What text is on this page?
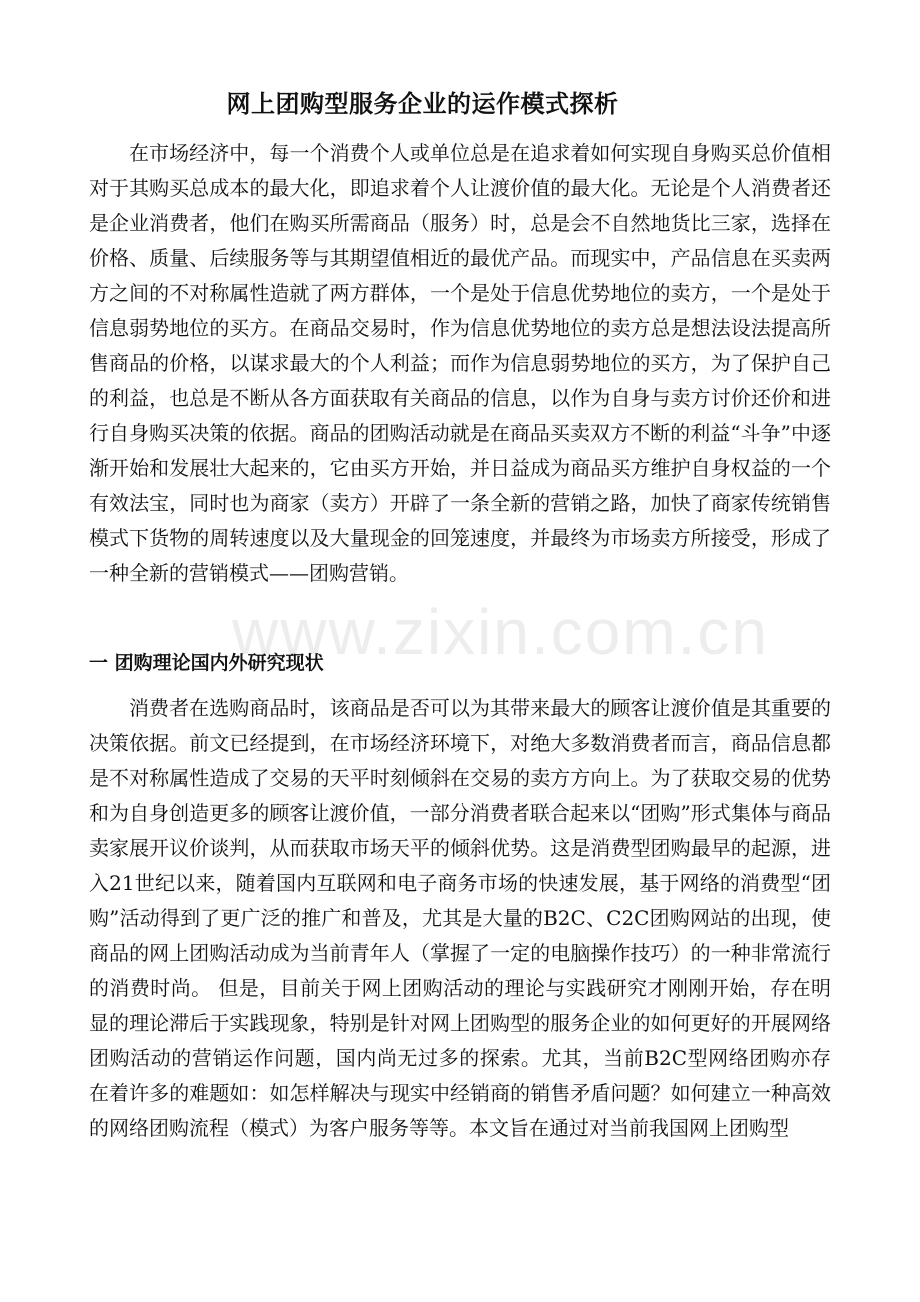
网上团购型服务企业的运作模式探析

在市场经济中，每一个消费个人或单位总是在追求着如何实现自身购买总价值相对于其购买总成本的最大化，即追求着个人让渡价值的最大化。无论是个人消费者还是企业消费者，他们在购买所需商品（服务）时，总是会不自然地货比三家，选择在价格、质量、后续服务等与其期望值相近的最优产品。而现实中，产品信息在买卖两方之间的不对称属性造就了两方群体，一个是处于信息优势地位的卖方，一个是处于信息弱势地位的买方。在商品交易时，作为信息优势地位的卖方总是想法设法提高所售商品的价格，以谋求最大的个人利益；而作为信息弱势地位的买方，为了保护自己的利益，也总是不断从各方面获取有关商品的信息，以作为自身与卖方讨价还价和进行自身购买决策的依据。商品的团购活动就是在商品买卖双方不断的利益“斗争”中逐渐开始和发展壮大起来的，它由买方开始，并日益成为商品买方维护自身权益的一个有效法宝，同时也为商家（卖方）开辟了一条全新的营销之路，加快了商家传统销售模式下货物的周转速度以及大量现金的回笼速度，并最终为市场卖方所接受，形成了一种全新的营销模式——团购营销。

一 团购理论国内外研究现状

消费者在选购商品时，该商品是否可以为其带来最大的顾客让渡价值是其重要的决策依据。前文已经提到，在市场经济环境下，对绝大多数消费者而言，商品信息都是不对称属性造成了交易的天平时刻倾斜在交易的卖方方向上。为了获取交易的优势和为自身创造更多的顾客让渡价值，一部分消费者联合起来以“团购”形式集体与商品卖家展开议价谈判，从而获取市场天平的倾斜优势。这是消费型团购最早的起源，进入21世纪以来，随着国内互联网和电子商务市场的快速发展，基于网络的消费型“团购”活动得到了更广泛的推广和普及，尤其是大量的B2C、C2C团购网站的出现，使商品的网上团购活动成为当前青年人（掌握了一定的电脑操作技巧）的一种非常流行的消费时尚。 但是，目前关于网上团购活动的理论与实践研究才刚刚开始，存在明显的理论滞后于实践现象，特别是针对网上团购型的服务企业的如何更好的开展网络团购活动的营销运作问题，国内尚无过多的探索。尤其，当前B2C型网络团购亦存在着许多的难题如：如怎样解决与现实中经销商的销售矛盾问题？如何建立一种高效的网络团购流程（模式）为客户服务等等。本文旨在通过对当前我国网上团购型

www.zixin.com.cn
